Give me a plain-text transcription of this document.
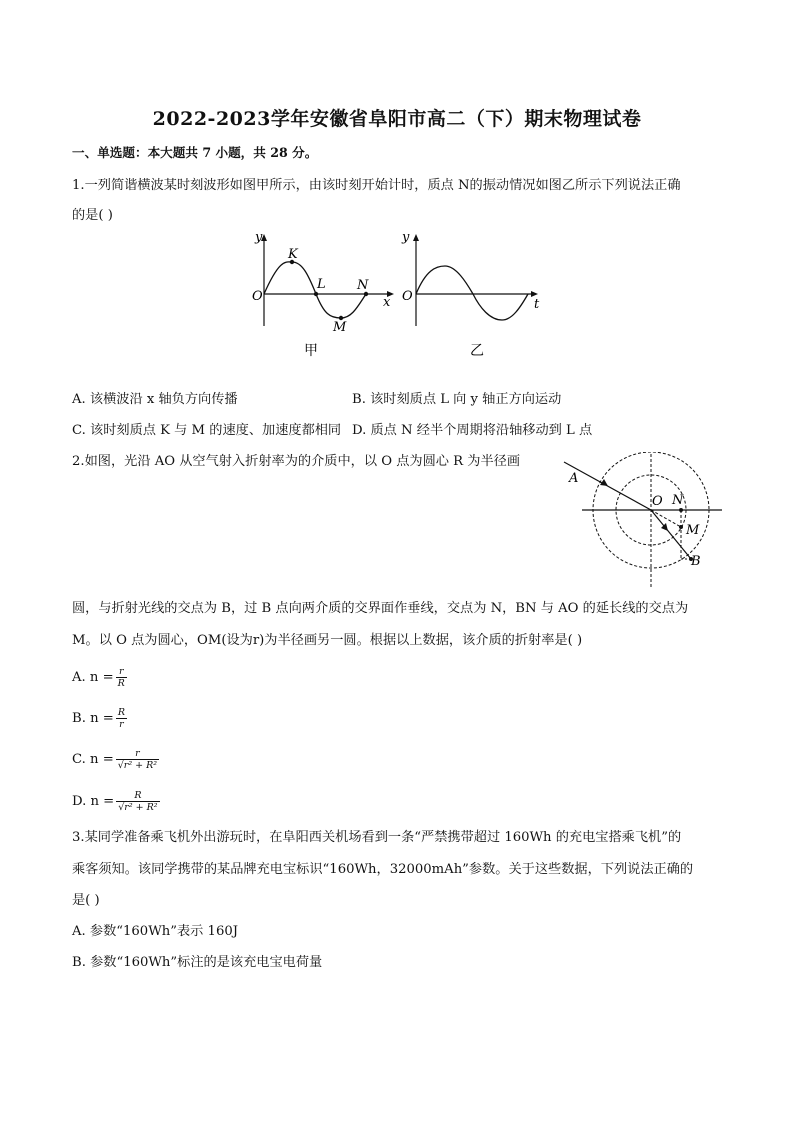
2022-2023学年安徽省阜阳市高二（下）期末物理试卷
一、单选题：本大题共 7 小题，共 28 分。
1.一列简谐横波某时刻波形如图甲所示，由该时刻开始计时，质点 N的振动情况如图乙所示下列说法正确
的是( )
y
O
K
L
M
N
x
甲
y
O
t
乙
A. 该横波沿 x 轴负方向传播	B. 该时刻质点 L 向 y 轴正方向运动
C. 该时刻质点 K 与 M 的速度、加速度都相同 D. 质点 N 经半个周期将沿轴移动到 L 点
2.如图，光沿 AO 从空气射入折射率为的介质中，以 O 点为圆心 R 为半径画
A
O N
M
B
圆，与折射光线的交点为 B，过 B 点向两介质的交界面作垂线，交点为 N，BN 与 AO 的延长线的交点为
M。以 O 点为圆心，OM(设为r)为半径画另一圆。根据以上数据，该介质的折射率是( )
A. $n = \frac{r}{R}$
B. $n = \frac{R}{r}$
C. $n = \frac{r}{\text{√r² + R²}}$
D. $n = \frac{R}{\text{√r² + R²}}$
3.某同学准备乘飞机外出游玩时，在阜阳西关机场看到一条“严禁携带超过 160Wh 的充电宝搭乘飞机”的
乘客须知。该同学携带的某品牌充电宝标识“160Wh，32000mAh”参数。关于这些数据，下列说法正确的
是( )
A. 参数“160Wh”表示 160J
B. 参数“160Wh”标注的是该充电宝电荷量
